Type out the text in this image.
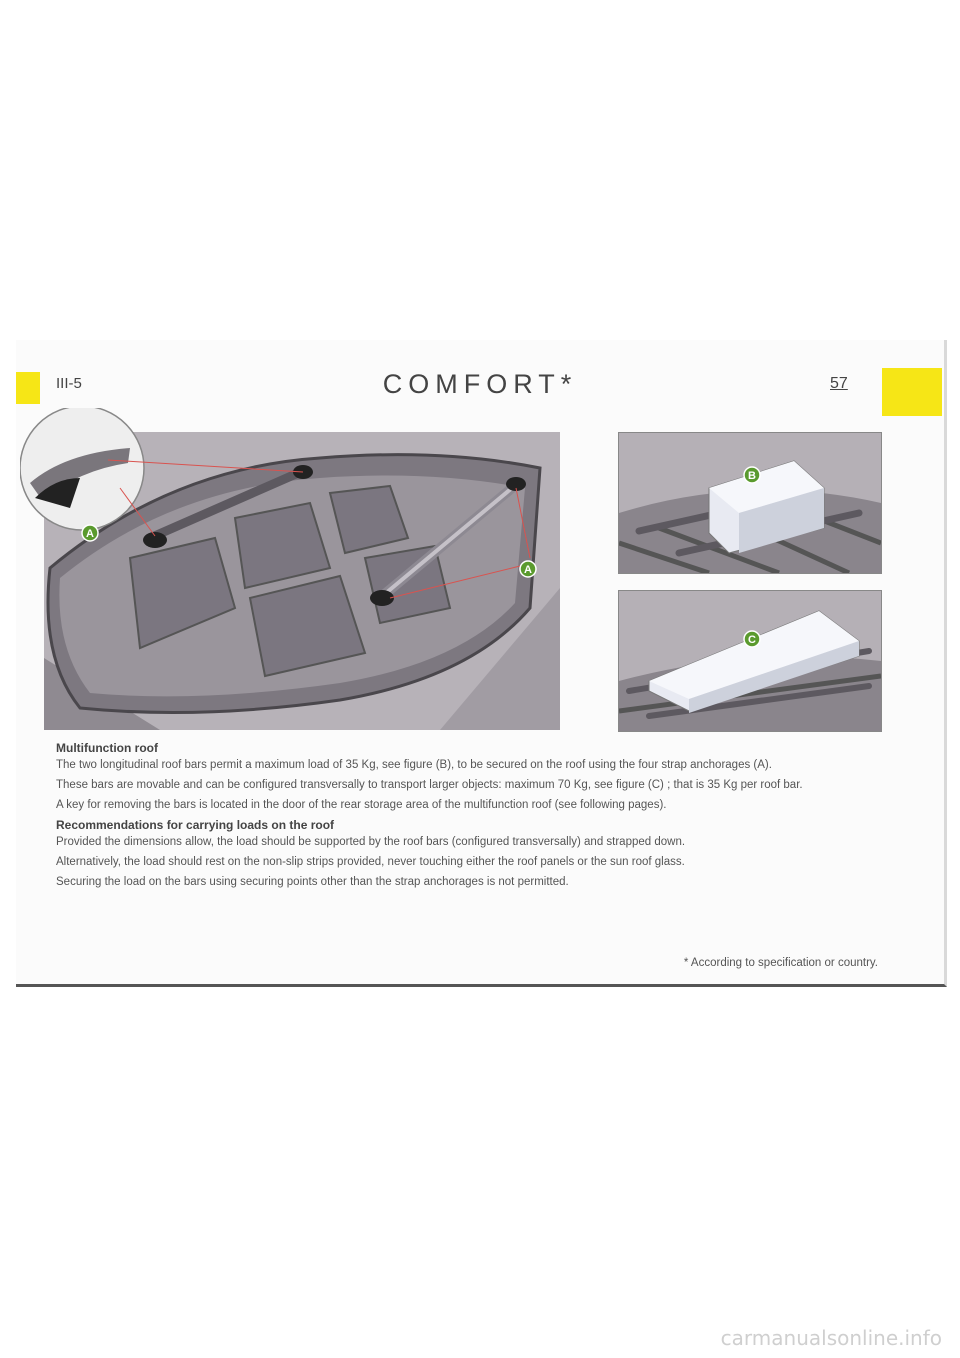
III-5	COMFORT*	57
A
A
B
C
Multifunction roof

The two longitudinal roof bars permit a maximum load of 35 Kg, see figure (B), to be secured on the roof using the four strap anchorages (A).

These bars are movable and can be configured transversally to transport larger objects: maximum 70 Kg, see figure (C) ; that is 35 Kg per roof bar.

A key for removing the bars is located in the door of the rear storage area of the multifunction roof (see following pages).

Recommendations for carrying loads on the roof

Provided the dimensions allow, the load should be supported by the roof bars (configured transversally) and strapped down.

Alternatively, the load should rest on the non-slip strips provided, never touching either the roof panels or the sun roof glass.

Securing the load on the bars using securing points other than the strap anchorages is not permitted.

* According to specification or country.
carmanualsonline.info
